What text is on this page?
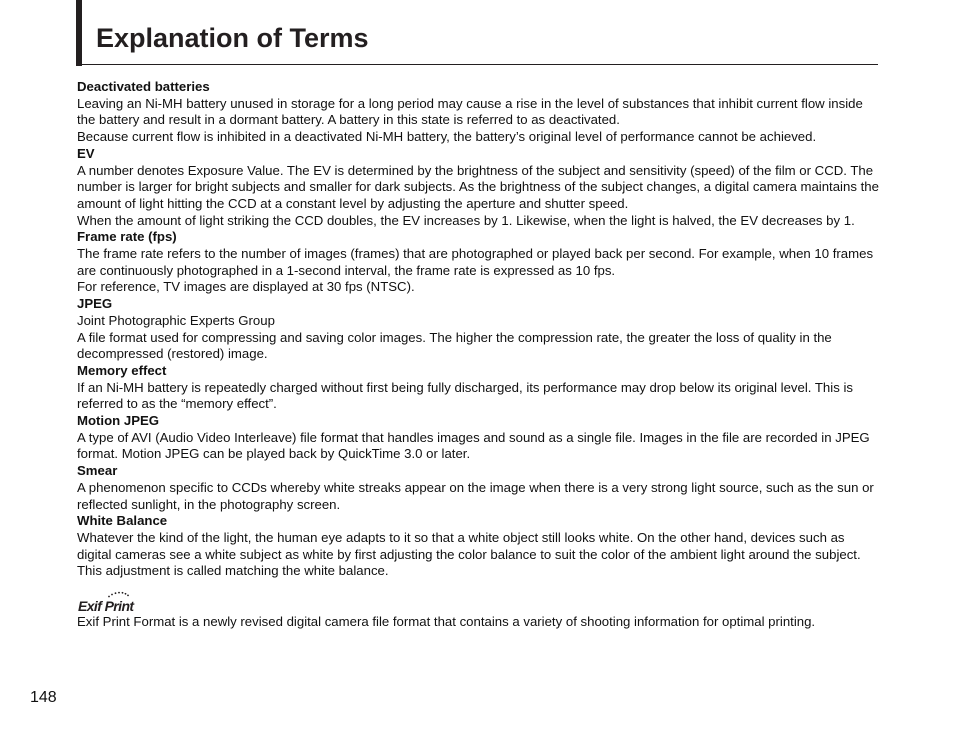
Explanation of Terms

Deactivated batteries

Leaving an Ni-MH battery unused in storage for a long period may cause a rise in the level of substances that inhibit current flow inside the battery and result in a dormant battery. A battery in this state is referred to as deactivated.

Because current flow is inhibited in a deactivated Ni-MH battery, the battery’s original level of performance cannot be achieved.

EV

A number denotes Exposure Value. The EV is determined by the brightness of the subject and sensitivity (speed) of the film or CCD. The number is larger for bright subjects and smaller for dark subjects. As the brightness of the subject changes, a digital camera maintains the amount of light hitting the CCD at a constant level by adjusting the aperture and shutter speed.

When the amount of light striking the CCD doubles, the EV increases by 1. Likewise, when the light is halved, the EV decreases by 1.

Frame rate (fps)

The frame rate refers to the number of images (frames) that are photographed or played back per second. For example, when 10 frames are continuously photographed in a 1-second interval, the frame rate is expressed as 10 fps.

For reference, TV images are displayed at 30 fps (NTSC).

JPEG

Joint Photographic Experts Group

A file format used for compressing and saving color images. The higher the compression rate, the greater the loss of quality in the decompressed (restored) image.

Memory effect

If an Ni-MH battery is repeatedly charged without first being fully discharged, its performance may drop below its original level. This is referred to as the “memory effect”.

Motion JPEG

A type of AVI (Audio Video Interleave) file format that handles images and sound as a single file. Images in the file are recorded in JPEG format. Motion JPEG can be played back by QuickTime 3.0 or later.

Smear

A phenomenon specific to CCDs whereby white streaks appear on the image when there is a very strong light source, such as the sun or reflected sunlight, in the photography screen.

White Balance

Whatever the kind of the light, the human eye adapts to it so that a white object still looks white. On the other hand, devices such as digital cameras see a white subject as white by first adjusting the color balance to suit the color of the ambient light around the subject. This adjustment is called matching the white balance.

Exif Print

Exif Print Format is a newly revised digital camera file format that contains a variety of shooting information for optimal printing.

148
